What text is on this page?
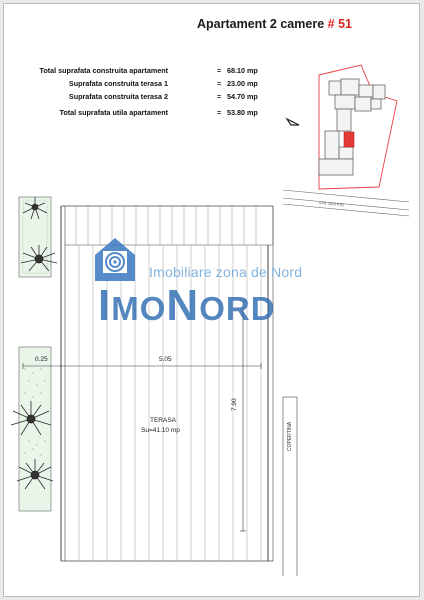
Apartament 2 camere # 51
Total suprafata construita apartament	= 68.10 mp
Suprafata construita terasa 1	= 23.00 mp
Suprafata construita terasa 2	= 54.70 mp
Total suprafata utila apartament	= 53.80 mp
STR. JUSTITIEI
0.25	5.05
7.90
TERASA
Su=41.10 mp	COPERTINA
Imobiliare zona de Nord
IMONORD
